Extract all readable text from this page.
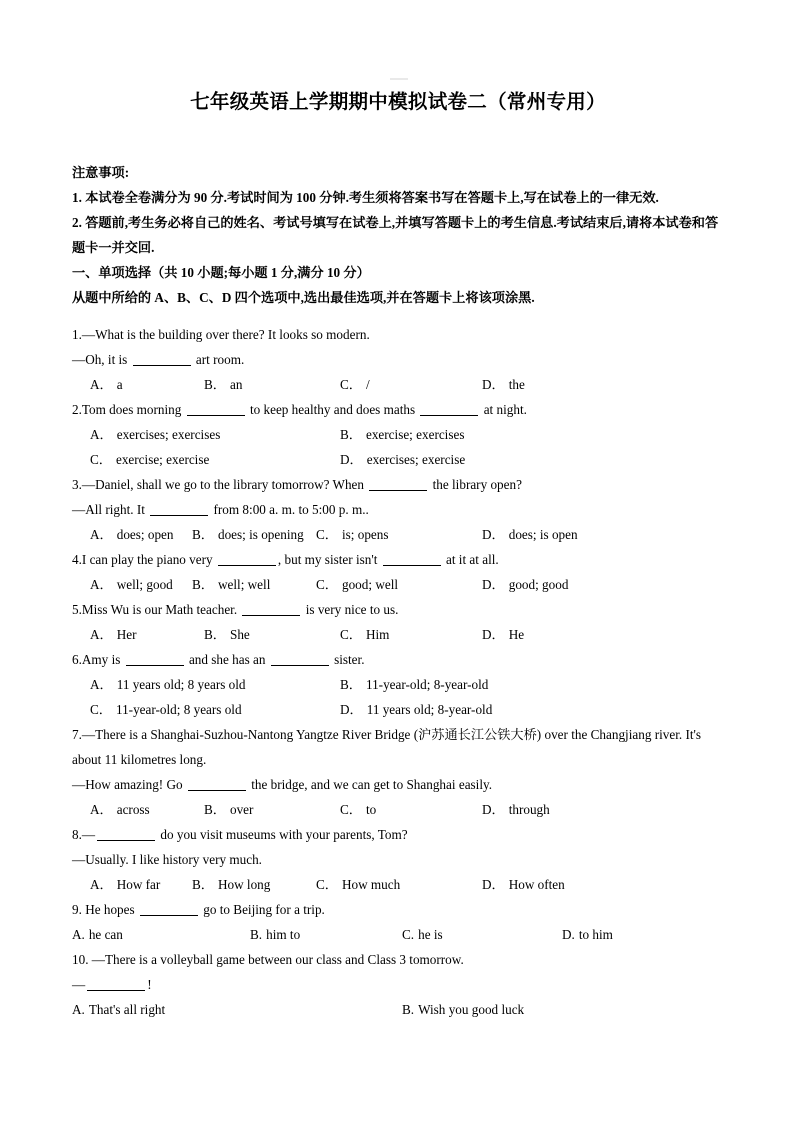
七年级英语上学期期中模拟试卷二（常州专用）
注意事项:
1. 本试卷全卷满分为 90 分.考试时间为 100 分钟.考生须将答案书写在答题卡上,写在试卷上的一律无效.
2. 答题前,考生务必将自己的姓名、考试号填写在试卷上,并填写答题卡上的考生信息.考试结束后,请将本试卷和答题卡一并交回.
一、单项选择（共 10 小题;每小题 1 分,满分 10 分）
从题中所给的 A、B、C、D 四个选项中,选出最佳选项,并在答题卡上将该项涂黑.
1.—What is the building over there? It looks so modern.
—Oh, it is	art room.
A． a	B． an	C． /	D． the
2.Tom does morning	to keep healthy and does maths	at night.
A． exercises; exercises	B． exercise; exercises
C． exercise; exercise	D． exercises; exercise
3.—Daniel, shall we go to the library tomorrow? When	the library open?
—All right. It	from 8:00 a. m. to 5:00 p. m..
A． does; open B． does; is opening C． is; opens	D． does; is open
4.I can play the piano very	, but my sister isn't	at it at all.
A． well; good B． well; well	C． good; well	D． good; good
5.Miss Wu is our Math teacher.	is very nice to us.
A． Her	B． She	C． Him	D． He
6.Amy is	and she has an	sister.
A． 11 years old; 8 years old	B． 11-year-old; 8-year-old
C． 11-year-old; 8 years old	D． 11 years old; 8-year-old
7.—There is a Shanghai-Suzhou-Nantong Yangtze River Bridge (沪苏通长江公铁大桥) over the Changjiang river. It's about 11 kilometres long.
—How amazing! Go	the bridge, and we can get to Shanghai easily.
A． across	B． over	C． to	D． through
8.—	do you visit museums with your parents, Tom?
—Usually. I like history very much.
A． How far B． How long	C． How much	D． How often
9. He hopes	go to Beijing for a trip.
A. he can	B. him to	C. he is	D. to him
10. —There is a volleyball game between our class and Class 3 tomorrow.
—	!
A. That's all right	B. Wish you good luck
